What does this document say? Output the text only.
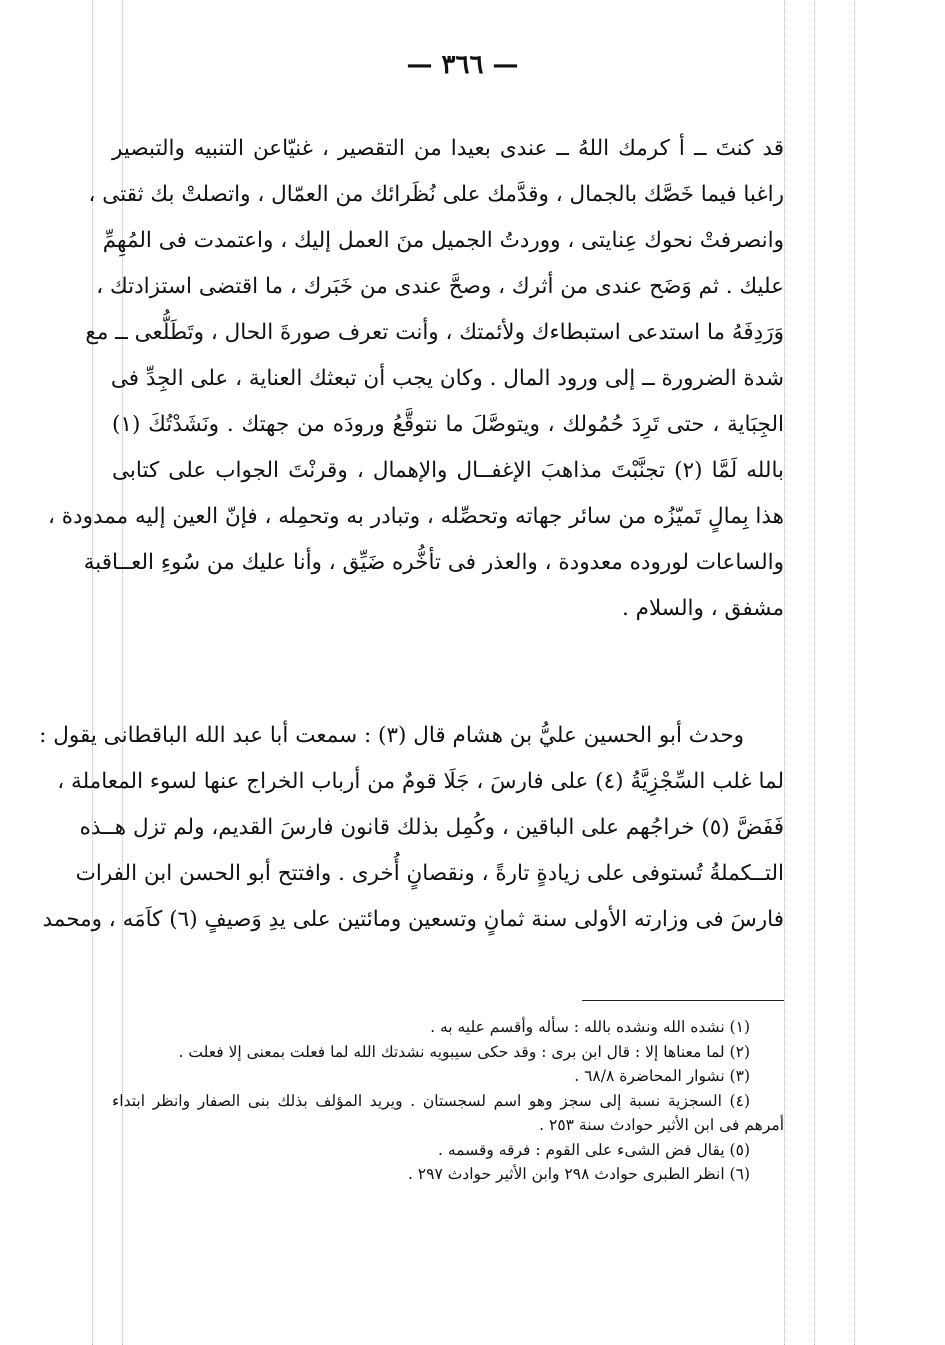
— ٣٦٦ —
قد كنتَ ــ أ كرمك اللهُ ــ عندى بعيدا من التقصير ، غنيّاعن التنبيه والتبصير
راغبا فيما خَصَّك بالجمال ، وقدَّمك على نُظَرائك من العمّال ، واتصلتْ بك ثقتى ،
وانصرفتْ نحوك عِنايتى ، ووردتُ الجميل منَ العمل إليك ، واعتمدت فى المُهِمِّ
عليك . ثم وَضَح عندى من أثرك ، وصحَّ عندى من خَبَرك ، ما اقتضى استزادتك ،
وَرَدِفَهُ ما استدعى استبطاءك ولأئمتك ، وأنت تعرف صورةَ الحال ، وتَطَلُّعى ــ مع
شدة الضرورة ــ إلى ورود المال . وكان يجب أن تبعثك العناية ، على الجِدِّ فى
الجِبَاية ، حتى تَرِدَ حُمُولك ، ويتوصَّلَ ما نتوقَّعُ ورودَه من جهتك . ونَشَدْتُكَ (١)
بالله لَمَّا (٢) تجنَّبْتَ مذاهبَ الإغفــال والإهمال ، وقرنْتَ الجواب على كتابى
هذا بِمالٍ تَميّزُه من سائر جهاته وتحصِّله ، وتبادر به وتحمِله ، فإنّ العين إليه ممدودة ،
والساعات لوروده معدودة ، والعذر فى تأخُّره ضَيِّق ، وأنا عليك من سُوءِ العــاقبة
مشفق ، والسلام .
وحدث أبو الحسين عليُّ بن هشام قال (٣) : سمعت أبا عبد الله الباقطانى يقول :
لما غلب السِّجْزِيَّةُ (٤) على فارسَ ، جَلَا قومٌ من أرباب الخراج عنها لسوء المعاملة ،
فَفَضَّ (٥) خراجُهم على الباقين ، وكُمِل بذلك قانون فارسَ القديم، ولم تزل هــذه
التــكملةُ تُستوفى على زيادةٍ تارةً ، ونقصانٍ أُخرى . وافتتح أبو الحسن ابن الفرات
فارسَ فى وزارته الأولى سنة ثمانٍ وتسعين ومائتين على يدِ وَصيفٍ (٦) كاَمَه ، ومحمد
(١) نشده الله ونشده بالله : سأله وأقسم عليه به .
(٢) لما معناها إلا : قال ابن برى : وقد حكى سيبويه نشدتك الله لما فعلت بمعنى إلا فعلت .
(٣) نشوار المحاضرة ٦٨/٨ .
(٤) السجزية نسبة إلى سجز وهو اسم لسجستان . ويريد المؤلف بذلك بنى الصفار وانظر ابتداء
أمرهم فى ابن الأثير حوادث سنة ٢٥٣ .
(٥) يقال فض الشىء على القوم : فرقه وقسمه .
(٦) انظر الطبرى حوادث ٢٩٨ وابن الأثير حوادث ٢٩٧ .
